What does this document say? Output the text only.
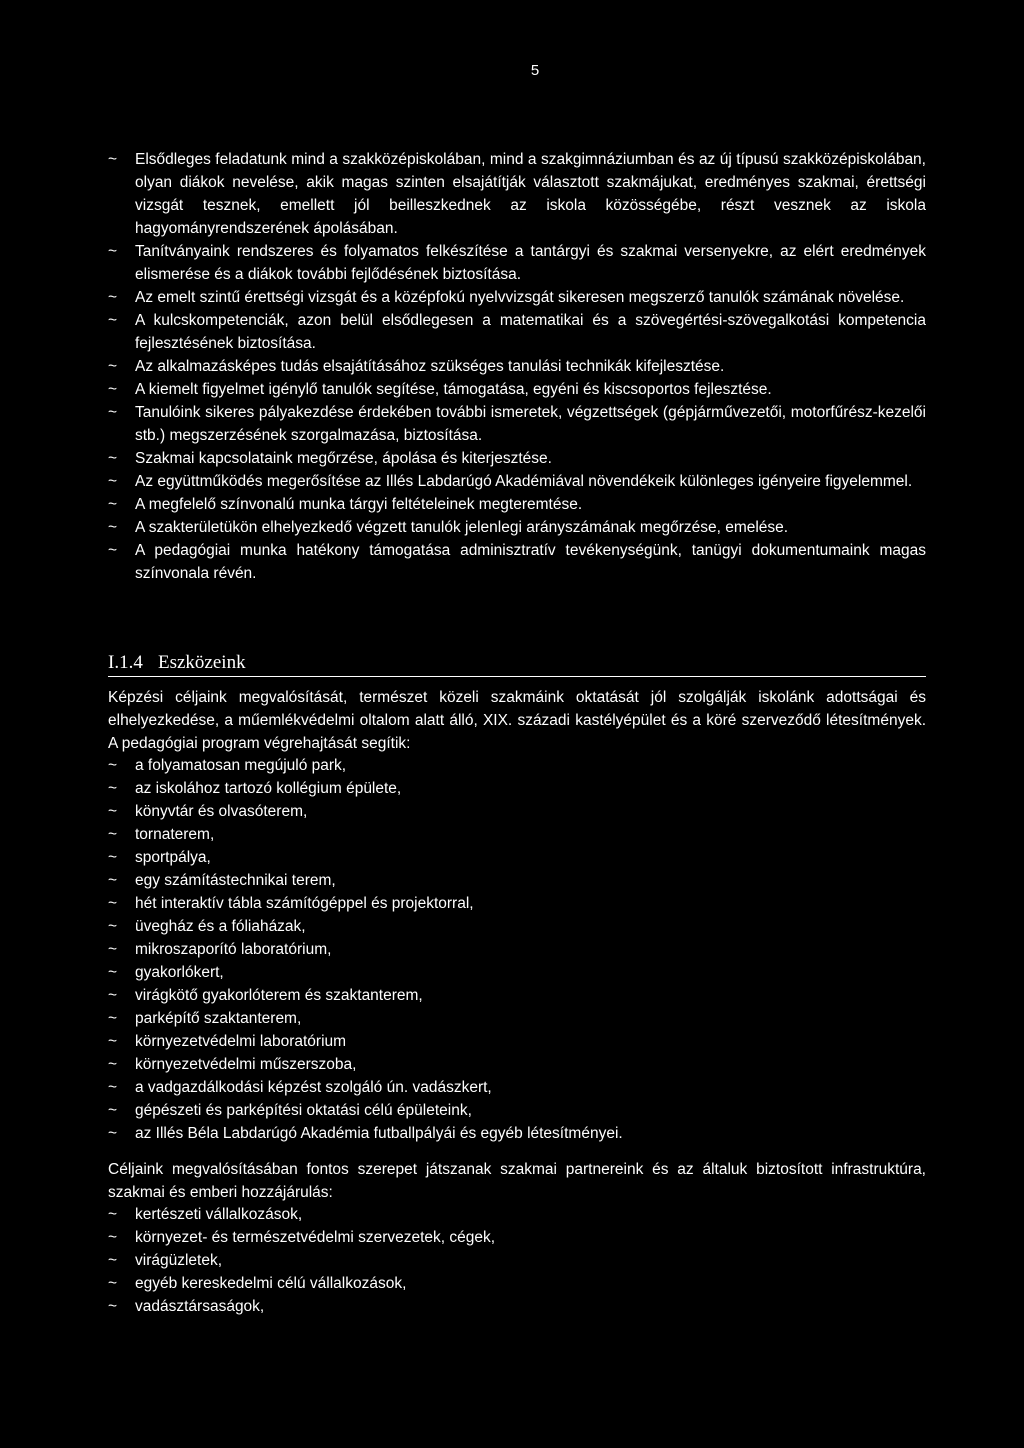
5
~ Elsődleges feladatunk mind a szakközépiskolában, mind a szakgimnáziumban és az új típusú szakközépiskolában, olyan diákok nevelése, akik magas szinten elsajátítják választott szakmájukat, eredményes szakmai, érettségi vizsgát tesznek, emellett jól beilleszkednek az iskola közösségébe, részt vesznek az iskola hagyományrendszerének ápolásában.
~ Tanítványaink rendszeres és folyamatos felkészítése a tantárgyi és szakmai versenyekre, az elért eredmények elismerése és a diákok további fejlődésének biztosítása.
~ Az emelt szintű érettségi vizsgát és a középfokú nyelvvizsgát sikeresen megszerző tanulók számának növelése.
~ A kulcskompetenciák, azon belül elsődlegesen a matematikai és a szövegértési-szövegalkotási kompetencia fejlesztésének biztosítása.
~ Az alkalmazásképes tudás elsajátításához szükséges tanulási technikák kifejlesztése.
~ A kiemelt figyelmet igénylő tanulók segítése, támogatása, egyéni és kiscsoportos fejlesztése.
~ Tanulóink sikeres pályakezdése érdekében további ismeretek, végzettségek (gépjárművezetői, motorfűrész-kezelői stb.) megszerzésének szorgalmazása, biztosítása.
~ Szakmai kapcsolataink megőrzése, ápolása és kiterjesztése.
~ Az együttműködés megerősítése az Illés Labdarúgó Akadémiával növendékeik különleges igényeire figyelemmel.
~ A megfelelő színvonalú munka tárgyi feltételeinek megteremtése.
~ A szakterületükön elhelyezkedő végzett tanulók jelenlegi arányszámának megőrzése, emelése.
~ A pedagógiai munka hatékony támogatása adminisztratív tevékenységünk, tanügyi dokumentumaink magas színvonala révén.
I.1.4 Eszközeink

Képzési céljaink megvalósítását, természet közeli szakmáink oktatását jól szolgálják iskolánk adottságai és elhelyezkedése, a műemlékvédelmi oltalom alatt álló, XIX. századi kastélyépület és a köré szerveződő létesítmények. A pedagógiai program végrehajtását segítik:

~ a folyamatosan megújuló park,
~ az iskolához tartozó kollégium épülete,
~ könyvtár és olvasóterem,
~ tornaterem,
~ sportpálya,
~ egy számítástechnikai terem,
~ hét interaktív tábla számítógéppel és projektorral,
~ üvegház és a fóliaházak,
~ mikroszaporító laboratórium,
~ gyakorlókert,
~ virágkötő gyakorlóterem és szaktanterem,
~ parképítő szaktanterem,
~ környezetvédelmi laboratórium
~ környezetvédelmi műszerszoba,
~ a vadgazdálkodási képzést szolgáló ún. vadászkert,
~ gépészeti és parképítési oktatási célú épületeink,
~ az Illés Béla Labdarúgó Akadémia futballpályái és egyéb létesítményei.

Céljaink megvalósításában fontos szerepet játszanak szakmai partnereink és az általuk biztosított infrastruktúra, szakmai és emberi hozzájárulás:

~ kertészeti vállalkozások,
~ környezet- és természetvédelmi szervezetek, cégek,
~ virágüzletek,
~ egyéb kereskedelmi célú vállalkozások,
~ vadásztársaságok,
